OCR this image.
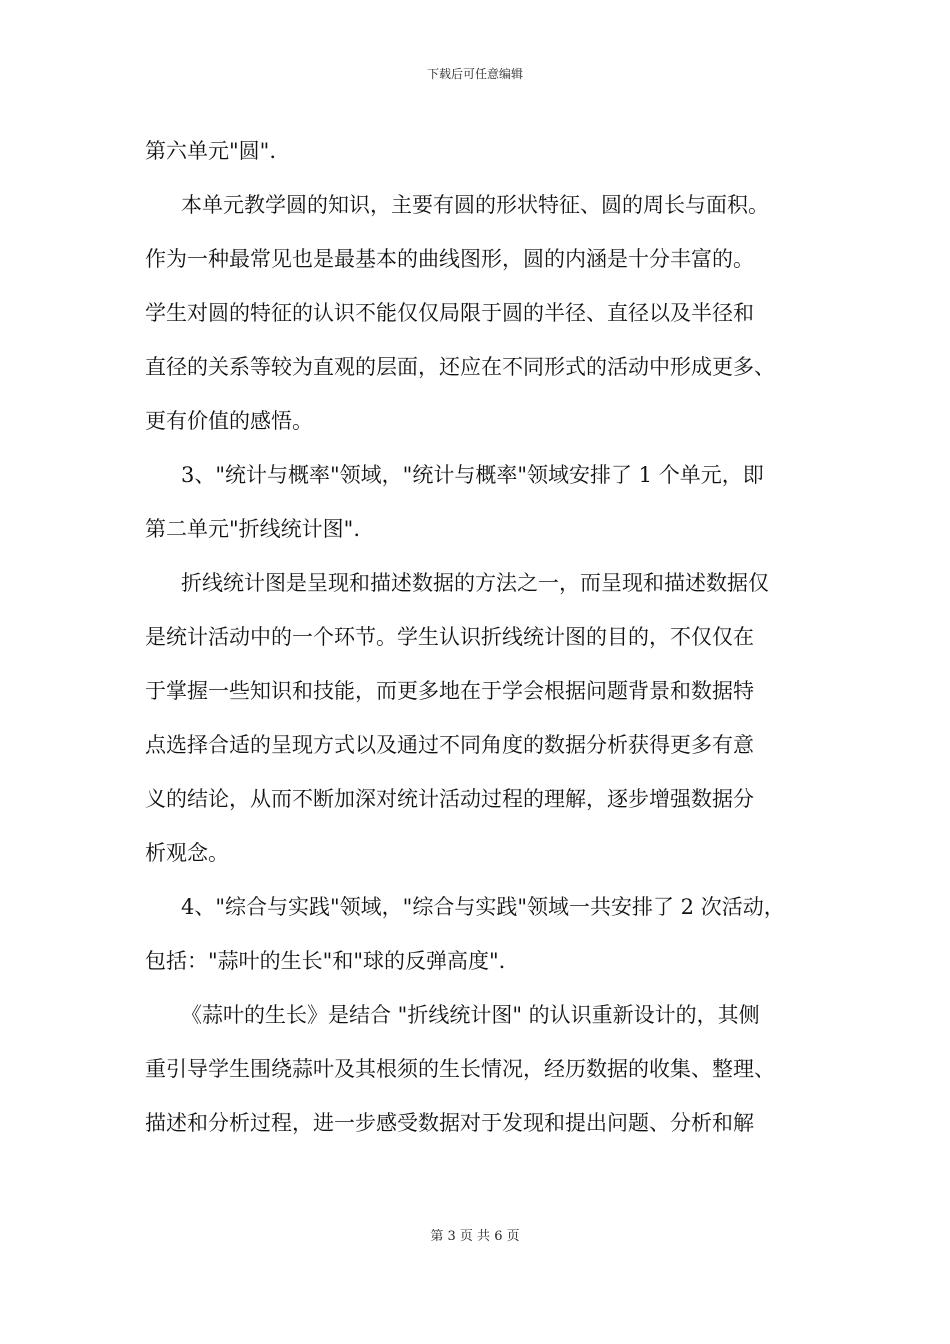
下载后可任意编辑
第六单元"圆".
本单元教学圆的知识，主要有圆的形状特征、圆的周长与面积。
作为一种最常见也是最基本的曲线图形，圆的内涵是十分丰富的。
学生对圆的特征的认识不能仅仅局限于圆的半径、直径以及半径和
直径的关系等较为直观的层面，还应在不同形式的活动中形成更多、
更有价值的感悟。
3、"统计与概率"领域，"统计与概率"领域安排了 1 个单元，即
第二单元"折线统计图".
折线统计图是呈现和描述数据的方法之一，而呈现和描述数据仅
是统计活动中的一个环节。学生认识折线统计图的目的，不仅仅在
于掌握一些知识和技能，而更多地在于学会根据问题背景和数据特
点选择合适的呈现方式以及通过不同角度的数据分析获得更多有意
义的结论，从而不断加深对统计活动过程的理解，逐步增强数据分
析观念。
4、"综合与实践"领域，"综合与实践"领域一共安排了 2 次活动，
包括："蒜叶的生长"和"球的反弹高度".
《蒜叶的生长》是结合 "折线统计图" 的认识重新设计的，其侧
重引导学生围绕蒜叶及其根须的生长情况，经历数据的收集、整理、
描述和分析过程，进一步感受数据对于发现和提出问题、分析和解
第 3 页 共 6 页
